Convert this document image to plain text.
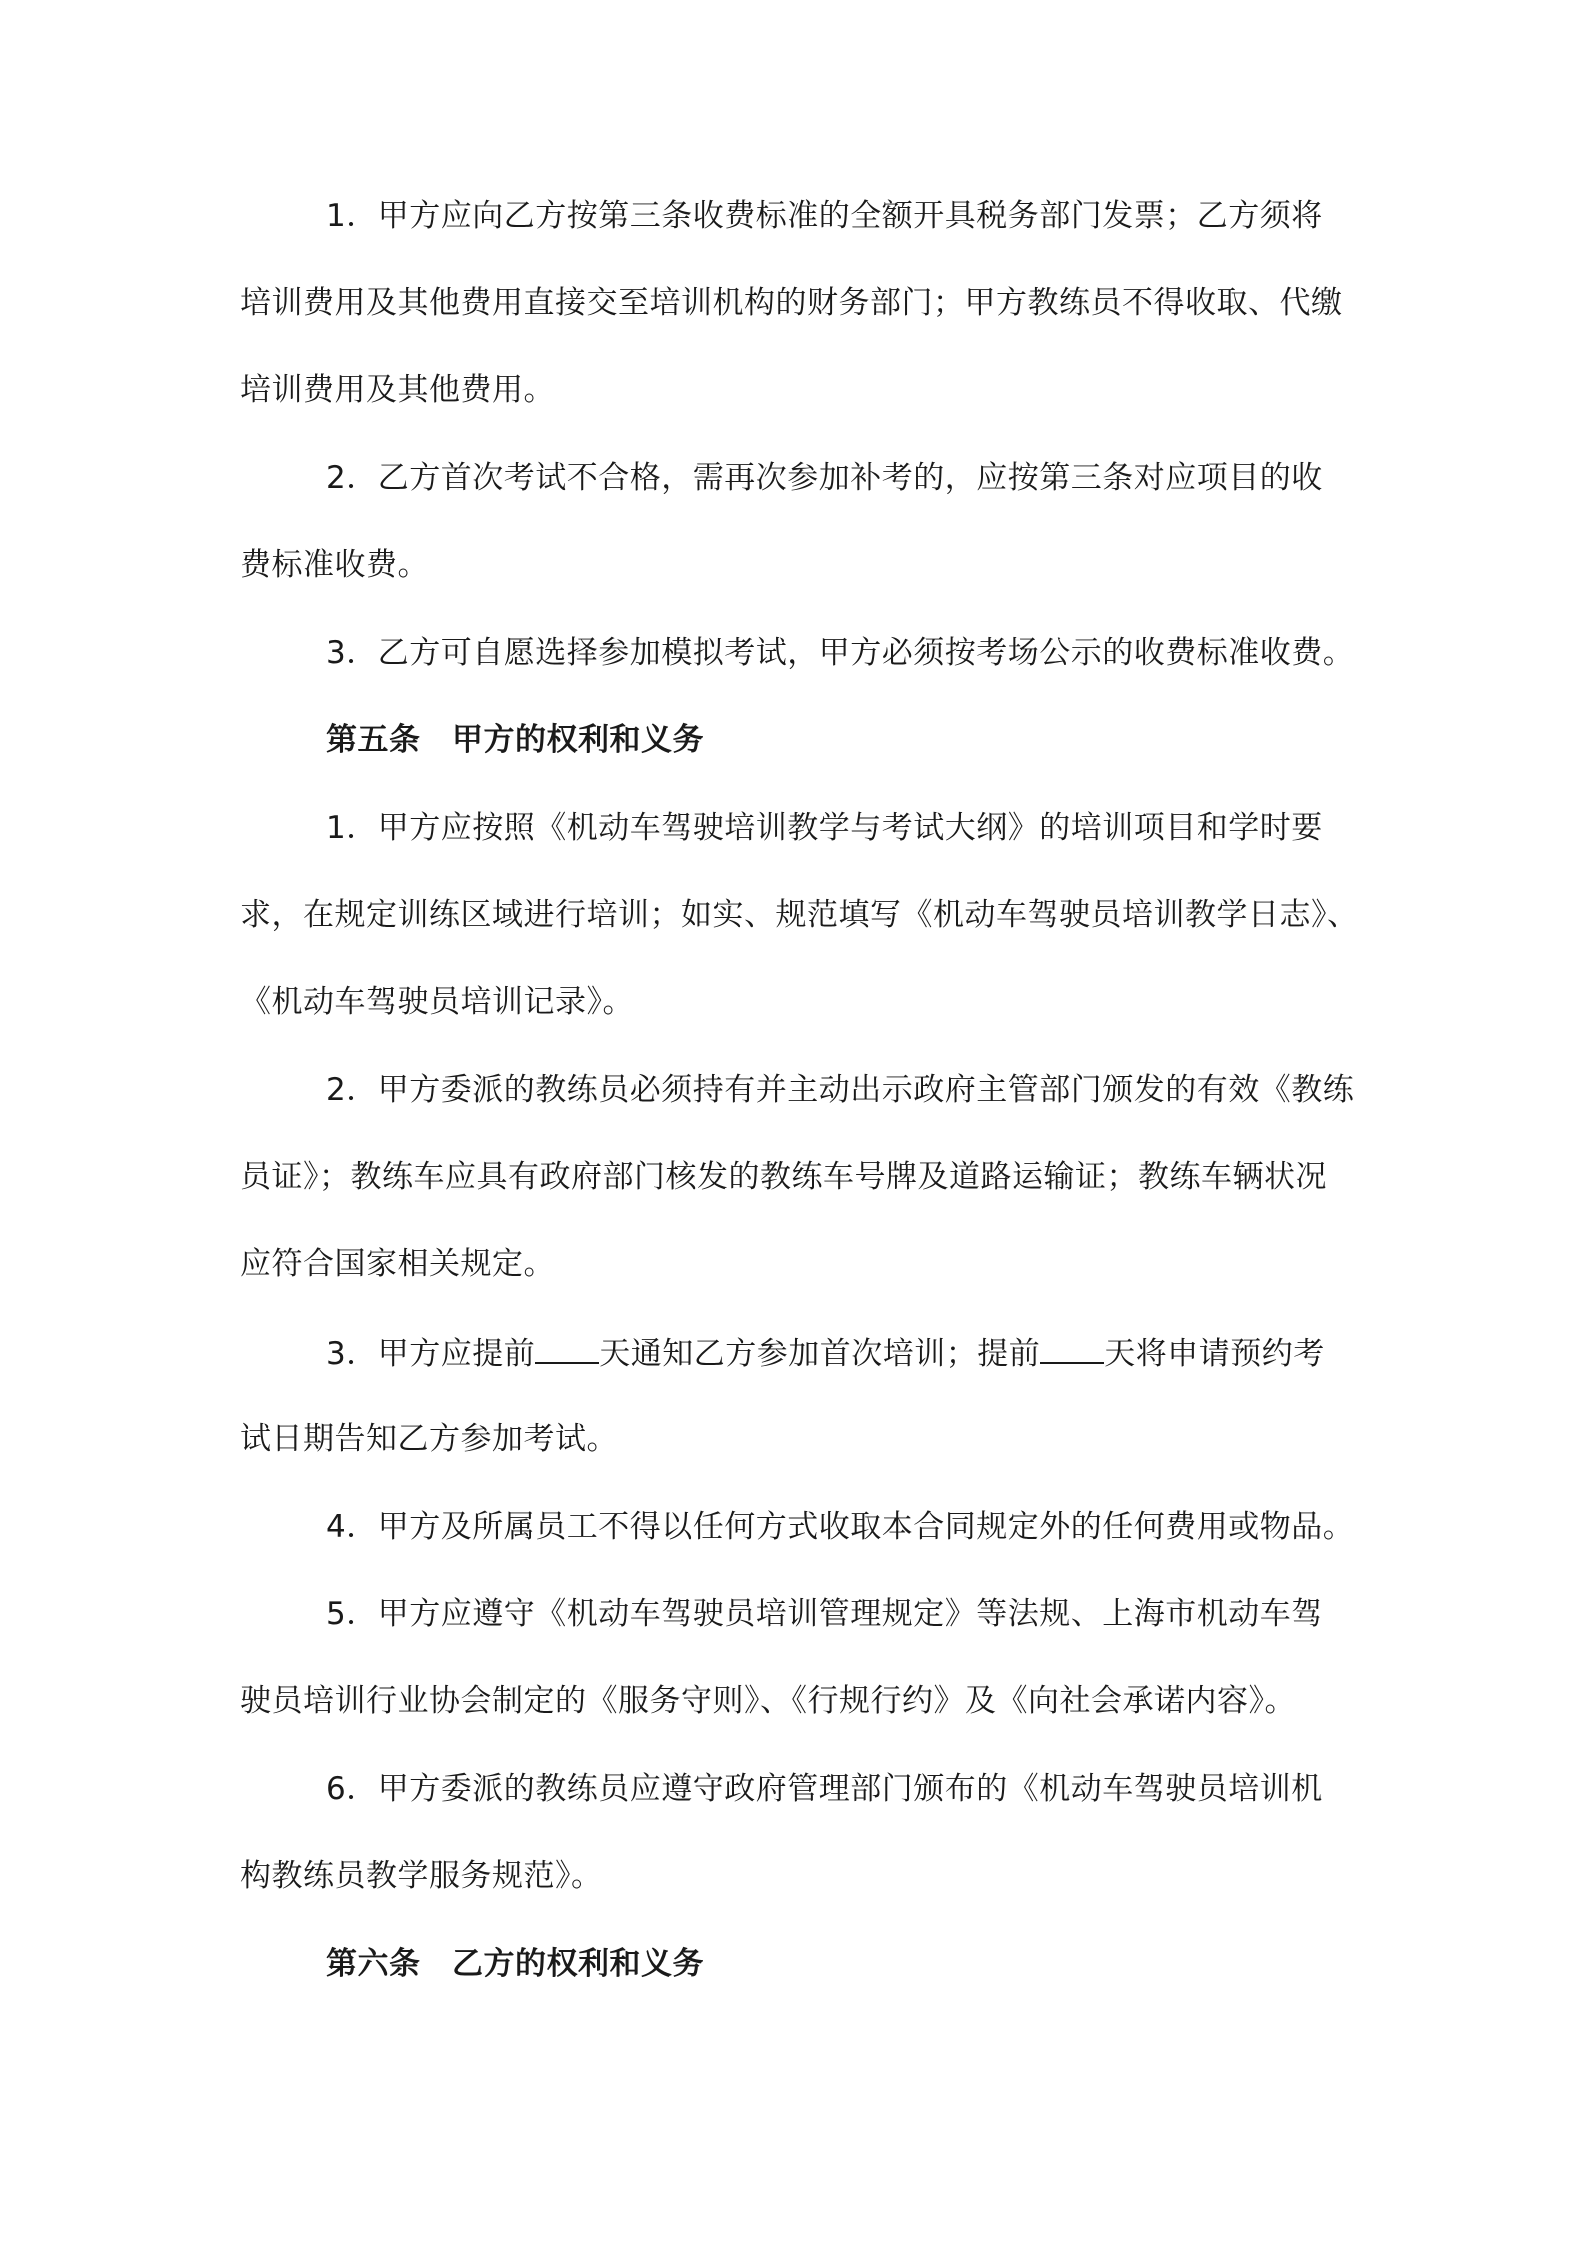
1．甲方应向乙方按第三条收费标准的全额开具税务部门发票；乙方须将
培训费用及其他费用直接交至培训机构的财务部门；甲方教练员不得收取、代缴
培训费用及其他费用。
2．乙方首次考试不合格，需再次参加补考的，应按第三条对应项目的收
费标准收费。
3．乙方可自愿选择参加模拟考试，甲方必须按考场公示的收费标准收费。
第五条　甲方的权利和义务
1．甲方应按照《机动车驾驶培训教学与考试大纲》的培训项目和学时要
求，在规定训练区域进行培训；如实、规范填写《机动车驾驶员培训教学日志》、
《机动车驾驶员培训记录》。
2．甲方委派的教练员必须持有并主动出示政府主管部门颁发的有效《教练
员证》；教练车应具有政府部门核发的教练车号牌及道路运输证；教练车辆状况
应符合国家相关规定。
3．甲方应提前 天通知乙方参加首次培训；提前 天将申请预约考
试日期告知乙方参加考试。
4．甲方及所属员工不得以任何方式收取本合同规定外的任何费用或物品。
5．甲方应遵守《机动车驾驶员培训管理规定》等法规、上海市机动车驾
驶员培训行业协会制定的《服务守则》、《行规行约》及《向社会承诺内容》。
6．甲方委派的教练员应遵守政府管理部门颁布的《机动车驾驶员培训机
构教练员教学服务规范》。
第六条　乙方的权利和义务
